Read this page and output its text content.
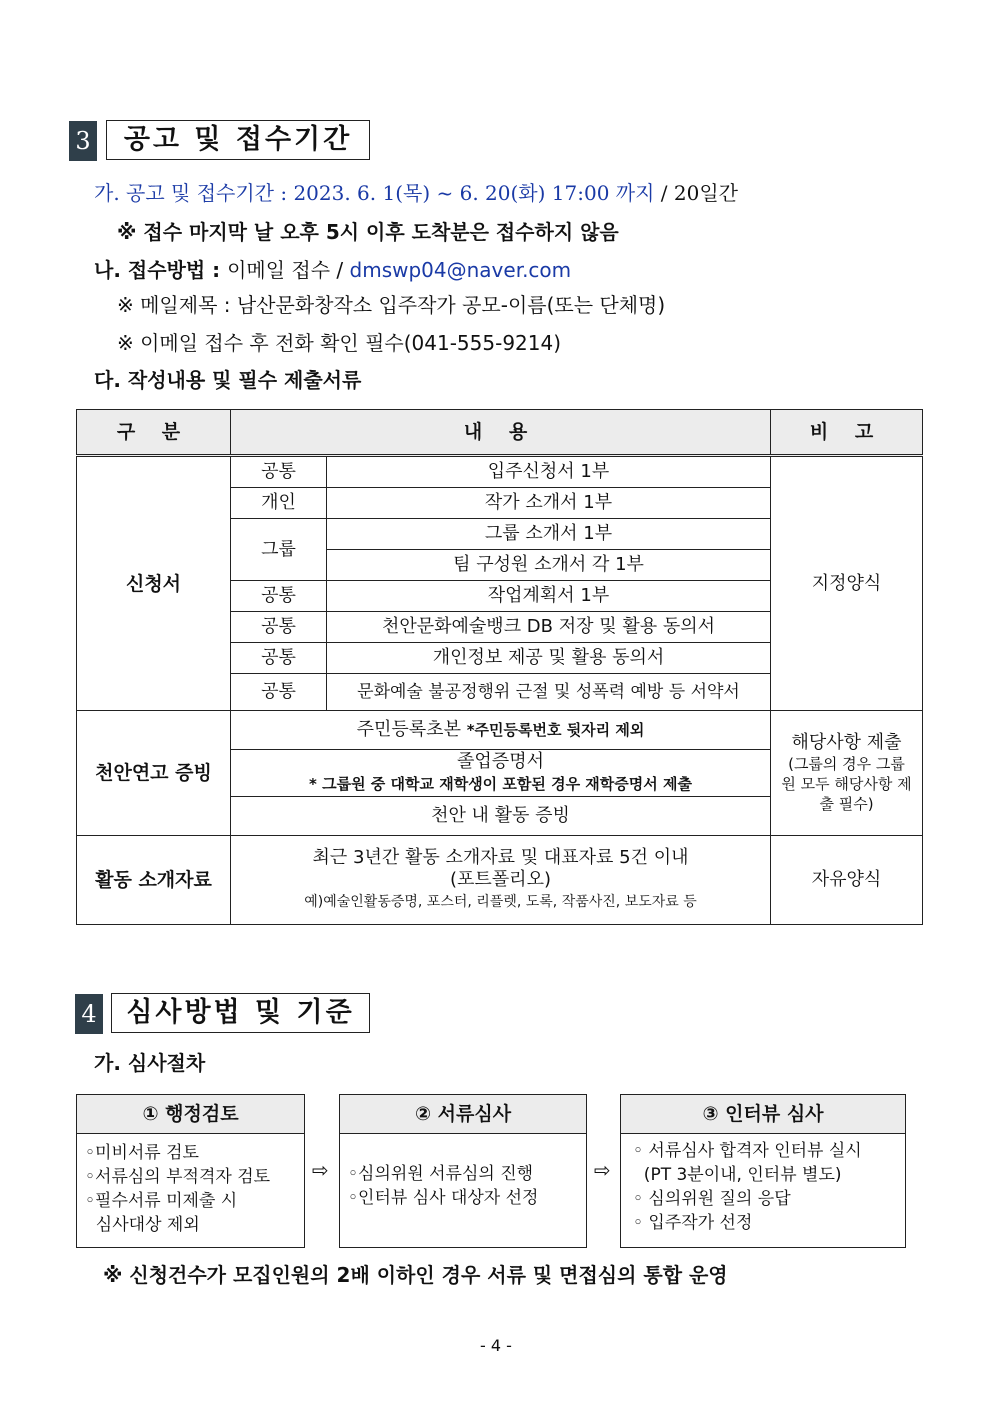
3	공고 및 접수기간
가. 공고 및 접수기간 : 2023. 6. 1(목) ~ 6. 20(화) 17:00 까지 / 20일간
※ 접수 마지막 날 오후 5시 이후 도착분은 접수하지 않음
나. 접수방법 : 이메일 접수 / dmswp04@naver.com
※ 메일제목 : 남산문화창작소 입주작가 공모-이름(또는 단체명)
※ 이메일 접수 후 전화 확인 필수(041-555-9214)
다. 작성내용 및 필수 제출서류
구 분	내 용		비 고
신청서	공통	입주신청서 1부	지정양식
	개인	작가 소개서 1부	
	그룹	그룹 소개서 1부	
		팀 구성원 소개서 각 1부	
	공통	작업계획서 1부	
	공통	천안문화예술뱅크 DB 저장 및 활용 동의서	
	공통	개인정보 제공 및 활용 동의서	
	공통	문화예술 불공정행위 근절 및 성폭력 예방 등 서약서	
천안연고 증빙	주민등록초본 *주민등록번호 뒷자리 제외		해당사항 제출
(그룹의 경우 그룹원 모두 해당사항 제출 필수)

	졸업증명서
* 그룹원 중 대학교 재학생이 포함된 경우 재학증명서 제출		

	천안 내 활동 증빙		
활동 소개자료	최근 3년간 활동 소개자료 및 대표자료 5건 이내
(포트폴리오)
예)예술인활동증명, 포스터, 리플렛, 도록, 작품사진, 보도자료 등		자유양식
4	심사방법 및 기준
가. 심사절차
① 행정검토
◦미비서류 검토
◦서류심의 부적격자 검토
◦필수서류 미제출 시
심사대상 제외
⇨
② 서류심사
◦심의위원 서류심의 진행
◦인터뷰 심사 대상자 선정
⇨
③ 인터뷰 심사
◦ 서류심사 합격자 인터뷰 실시
(PT 3분이내, 인터뷰 별도)
◦ 심의위원 질의 응답
◦ 입주작가 선정
※ 신청건수가 모집인원의 2배 이하인 경우 서류 및 면접심의 통합 운영
- 4 -
